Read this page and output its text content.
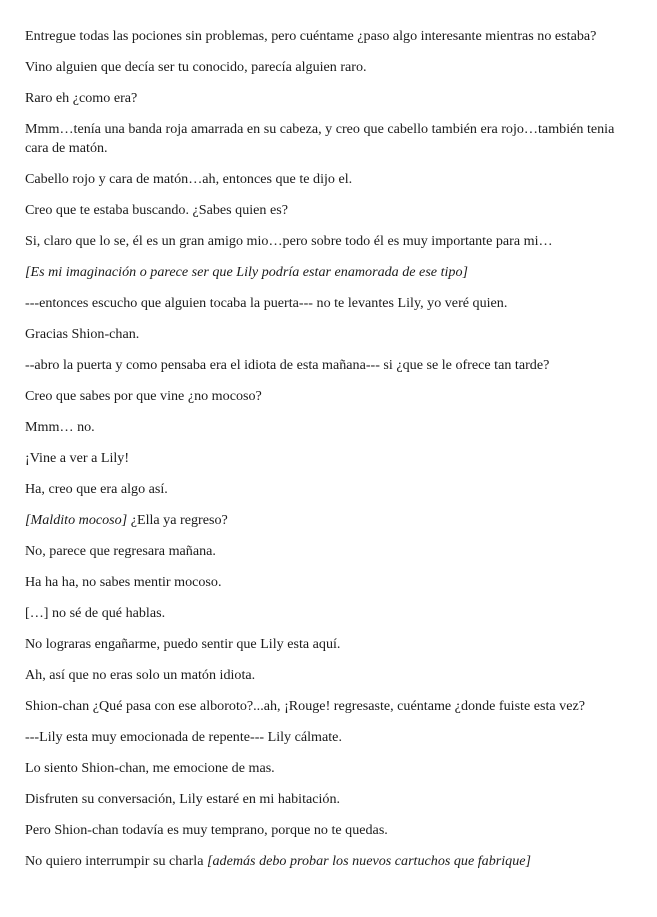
Entregue todas las pociones sin problemas, pero cuéntame ¿paso algo interesante mientras no estaba?

Vino alguien que decía ser tu conocido, parecía alguien raro.

Raro eh ¿como era?

Mmm…tenía una banda roja amarrada en su cabeza, y creo que cabello también era rojo…también tenia cara de matón.

Cabello rojo y cara de matón…ah, entonces que te dijo el.

Creo que te estaba buscando. ¿Sabes quien es?

Si, claro que lo se, él es un gran amigo mio…pero sobre todo él es muy importante para mi…

[Es mi imaginación o parece ser que Lily podría estar enamorada de ese tipo]

---entonces escucho que alguien tocaba la puerta--- no te levantes Lily, yo veré quien.

Gracias Shion-chan.

--abro la puerta y como pensaba era el idiota de esta mañana--- si ¿que se le ofrece tan tarde?

Creo que sabes por que vine ¿no mocoso?

Mmm… no.

¡Vine a ver a Lily!

Ha, creo que era algo así.

[Maldito mocoso] ¿Ella ya regreso?

No, parece que regresara mañana.

Ha ha ha, no sabes mentir mocoso.

[…] no sé de qué hablas.

No lograras engañarme, puedo sentir que Lily esta aquí.

Ah, así que no eras solo un matón idiota.

Shion-chan ¿Qué pasa con ese alboroto?...ah, ¡Rouge! regresaste, cuéntame ¿donde fuiste esta vez?

---Lily esta muy emocionada de repente--- Lily cálmate.

Lo siento Shion-chan, me emocione de mas.

Disfruten su conversación, Lily estaré en mi habitación.

Pero Shion-chan todavía es muy temprano, porque no te quedas.

No quiero interrumpir su charla [además debo probar los nuevos cartuchos que fabrique]
